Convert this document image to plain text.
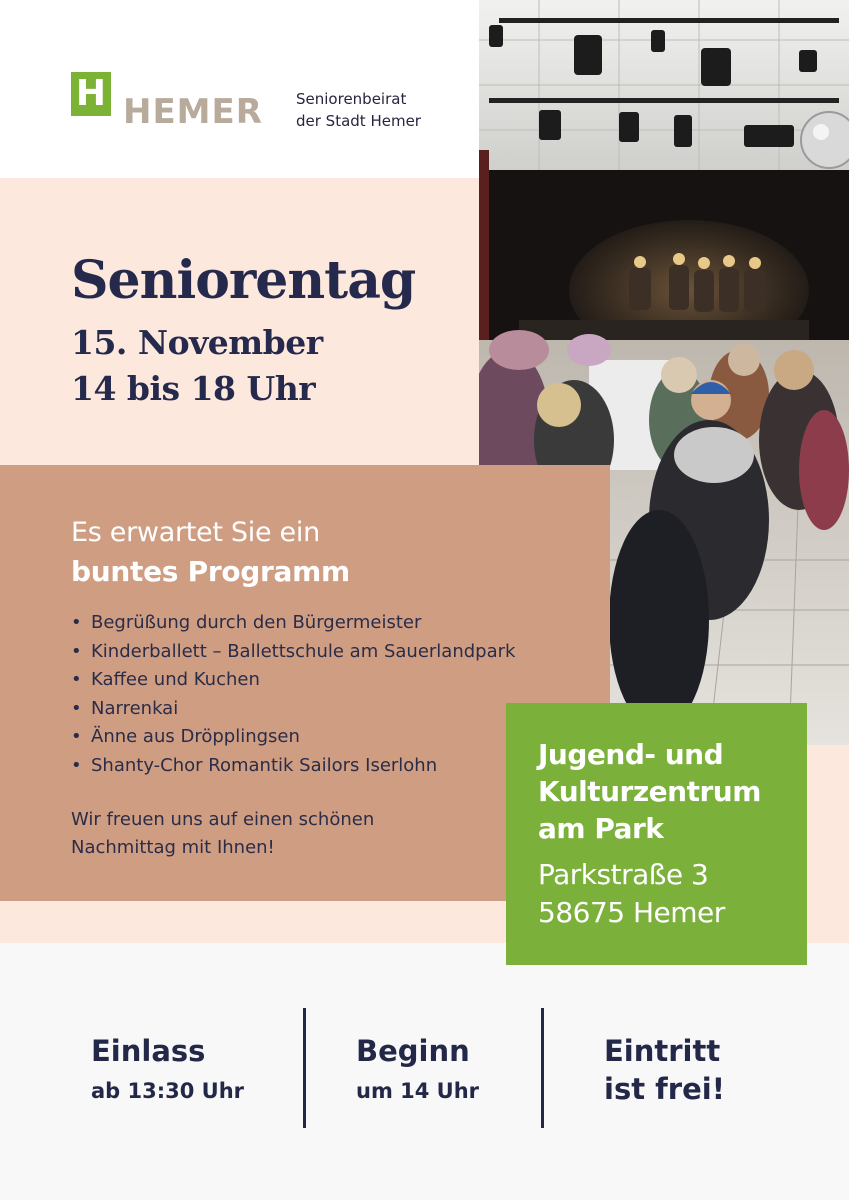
H HEMER Seniorenbeirat
der Stadt Hemer
Seniorentag
15. November
14 bis 18 Uhr
Es erwartet Sie ein
buntes Programm
• Begrüßung durch den Bürgermeister
• Kinderballett – Ballettschule am Sauerlandpark
• Kaffee und Kuchen
• Narrenkai
• Änne aus Dröpplingsen
• Shanty-Chor Romantik Sailors Iserlohn
Wir freuen uns auf einen schönen
Nachmittag mit Ihnen!
Jugend- und
Kulturzentrum
am Park
Parkstraße 3
58675 Hemer
Einlass
ab 13:30 Uhr
Beginn
um 14 Uhr
Eintritt
ist frei!
